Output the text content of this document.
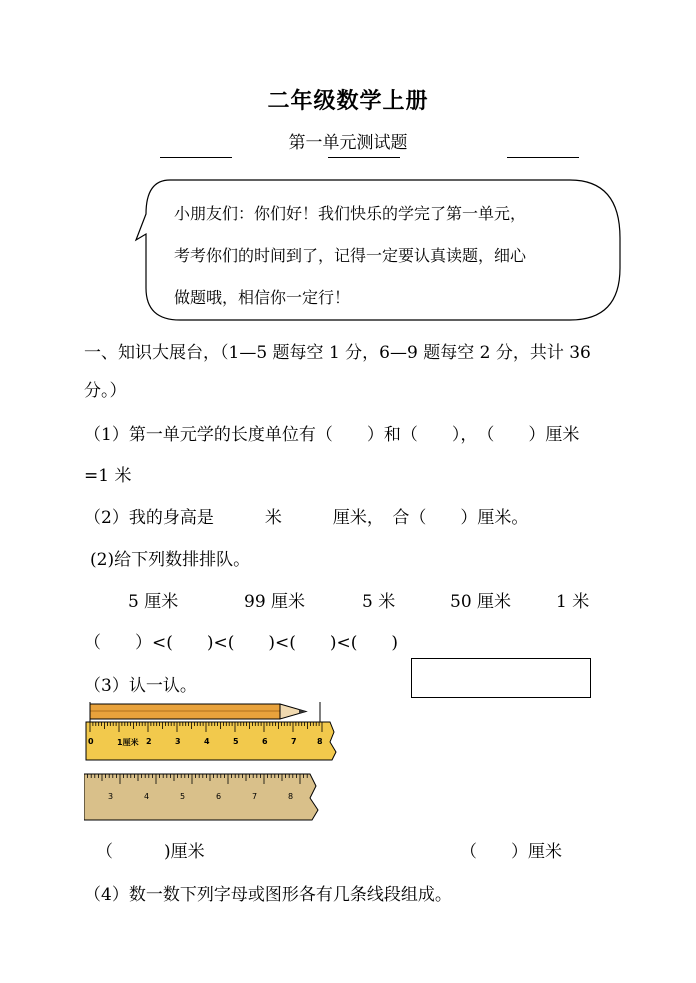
二年级数学上册
第一单元测试题
小朋友们：你们好！我们快乐的学完了第一单元，
考考你们的时间到了，记得一定要认真读题，细心
做题哦，相信你一定行！
一、知识大展台，（1—5 题每空 1 分，6—9 题每空 2 分，共计 36
分。）
（1）第一单元学的长度单位有（　　）和（　　），　（　　）厘米
=1 米
（2）我的身高是　　　米　　　厘米，　合（　　）厘米。
(2)给下列数排排队。
5 厘米	99 厘米	5 米	50 厘米	1 米
（　　）<(　　)<(　　)<(　　)<(　　)
（3）认一认。
0	1厘米 2	3	4	5	6	7	8
3	4	5	6	7	8
（　　　)厘米	（　　）厘米
（4）数一数下列字母或图形各有几条线段组成。
